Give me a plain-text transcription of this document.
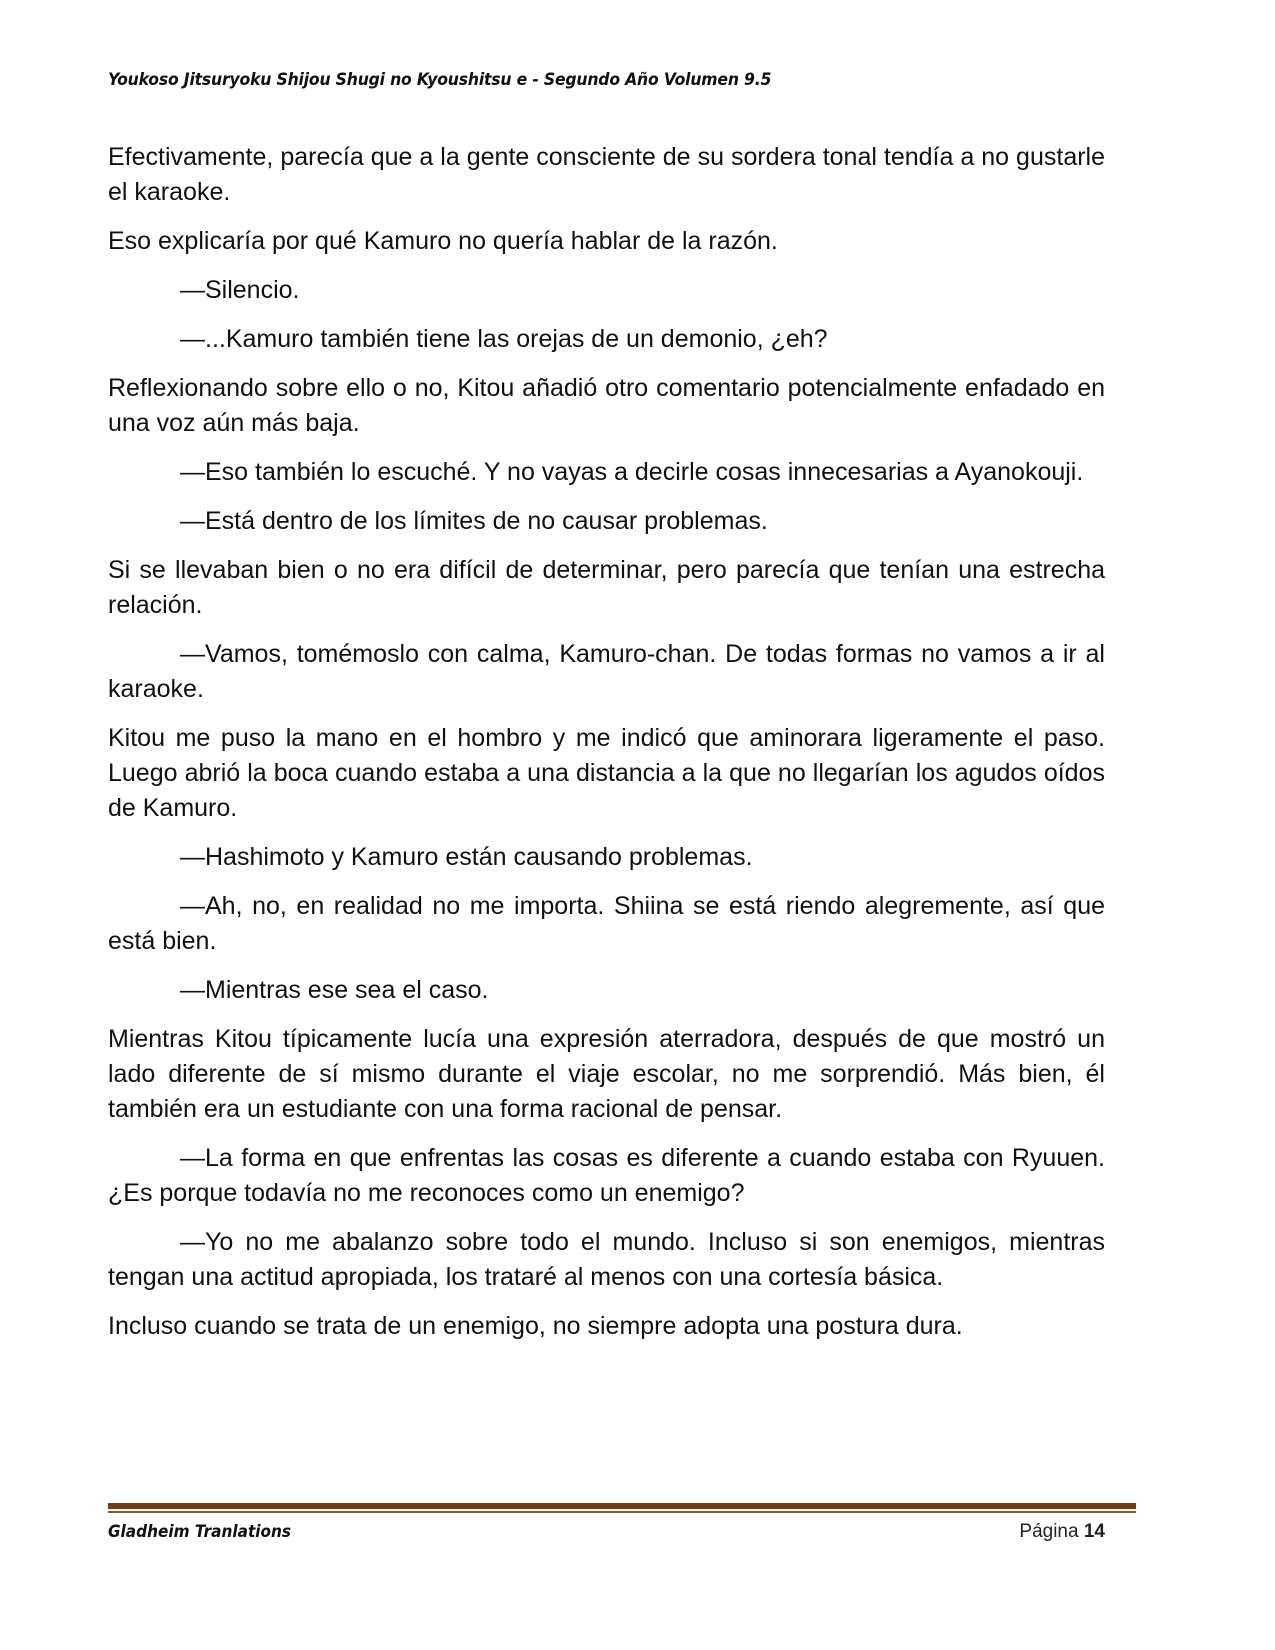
Youkoso Jitsuryoku Shijou Shugi no Kyoushitsu e - Segundo Año Volumen 9.5

Efectivamente, parecía que a la gente consciente de su sordera tonal tendía a no gustarle el karaoke.

Eso explicaría por qué Kamuro no quería hablar de la razón.

—Silencio.

—...Kamuro también tiene las orejas de un demonio, ¿eh?

Reflexionando sobre ello o no, Kitou añadió otro comentario potencialmente enfadado en una voz aún más baja.

—Eso también lo escuché. Y no vayas a decirle cosas innecesarias a Ayanokouji.

—Está dentro de los límites de no causar problemas.

Si se llevaban bien o no era difícil de determinar, pero parecía que tenían una estrecha relación.

—Vamos, tomémoslo con calma, Kamuro-chan. De todas formas no vamos a ir al karaoke.

Kitou me puso la mano en el hombro y me indicó que aminorara ligeramente el paso. Luego abrió la boca cuando estaba a una distancia a la que no llegarían los agudos oídos de Kamuro.

—Hashimoto y Kamuro están causando problemas.

—Ah, no, en realidad no me importa. Shiina se está riendo alegremente, así que está bien.

—Mientras ese sea el caso.

Mientras Kitou típicamente lucía una expresión aterradora, después de que mostró un lado diferente de sí mismo durante el viaje escolar, no me sorprendió. Más bien, él también era un estudiante con una forma racional de pensar.

—La forma en que enfrentas las cosas es diferente a cuando estaba con Ryuuen. ¿Es porque todavía no me reconoces como un enemigo?

—Yo no me abalanzo sobre todo el mundo. Incluso si son enemigos, mientras tengan una actitud apropiada, los trataré al menos con una cortesía básica.

Incluso cuando se trata de un enemigo, no siempre adopta una postura dura.

Gladheim Tranlations	Página 14
